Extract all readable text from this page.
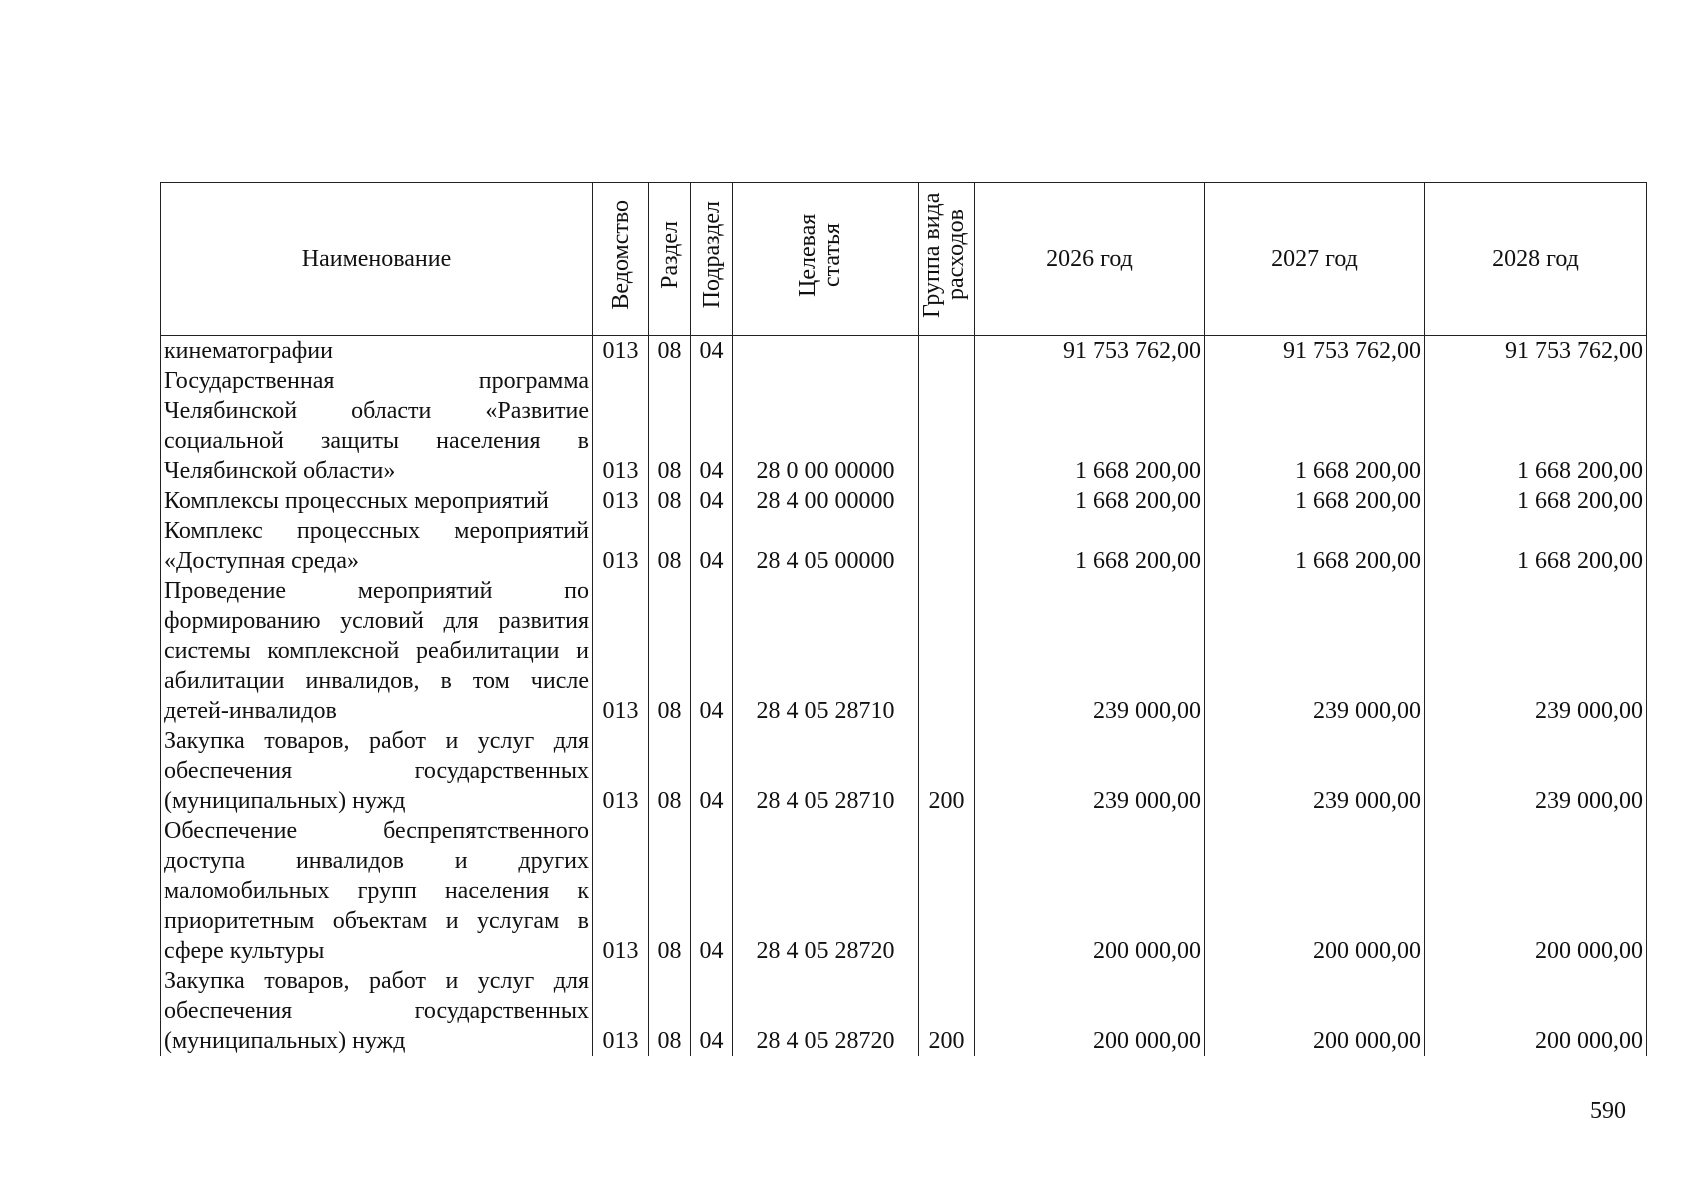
Наименование	Ведомство	Раздел	Подраздел	Целевая статья	Группа вида расходов	2026 год	2027 год	2028 год
кинематографии	013	08	04			91 753 762,00	91 753 762,00	91 753 762,00
Государственная программа Челябинской области «Развитие социальной защиты населения в Челябинской области»	013	08	04	28 0 00 00000		1 668 200,00	1 668 200,00	1 668 200,00
Комплексы процессных мероприятий	013	08	04	28 4 00 00000		1 668 200,00	1 668 200,00	1 668 200,00
Комплекс процессных мероприятий «Доступная среда»	013	08	04	28 4 05 00000		1 668 200,00	1 668 200,00	1 668 200,00
Проведение мероприятий по формированию условий для развития системы комплексной реабилитации и абилитации инвалидов, в том числе детей-инвалидов	013	08	04	28 4 05 28710		239 000,00	239 000,00	239 000,00
Закупка товаров, работ и услуг для обеспечения государственных (муниципальных) нужд	013	08	04	28 4 05 28710	200	239 000,00	239 000,00	239 000,00
Обеспечение беспрепятственного доступа инвалидов и других маломобильных групп населения к приоритетным объектам и услугам в сфере культуры	013	08	04	28 4 05 28720		200 000,00	200 000,00	200 000,00
Закупка товаров, работ и услуг для обеспечения государственных (муниципальных) нужд	013	08	04	28 4 05 28720	200	200 000,00	200 000,00	200 000,00
590
